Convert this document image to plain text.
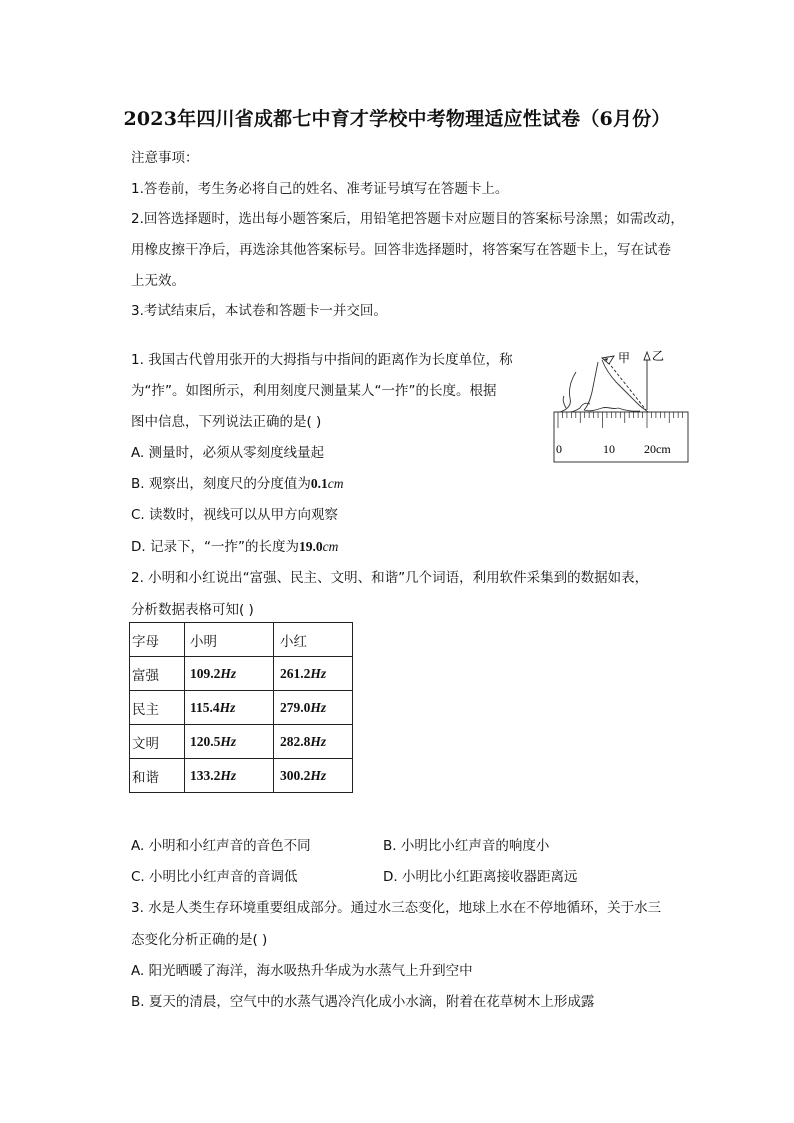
2023年四川省成都七中育才学校中考物理适应性试卷（6月份）
注意事项：
1.答卷前，考生务必将自己的姓名、准考证号填写在答题卡上。
2.回答选择题时，选出每小题答案后，用铅笔把答题卡对应题目的答案标号涂黑；如需改动，
用橡皮擦干净后，再选涂其他答案标号。回答非选择题时，将答案写在答题卡上，写在试卷
上无效。
3.考试结束后，本试卷和答题卡一并交回。
1. 我国古代曾用张开的大拇指与中指间的距离作为长度单位，称
为“拃”。如图所示，利用刻度尺测量某人“一拃”的长度。根据
图中信息，下列说法正确的是( )
A. 测量时，必须从零刻度线量起
B. 观察出，刻度尺的分度值为0.1cm
C. 读数时，视线可以从甲方向观察
D. 记录下，“一拃”的长度为19.0cm
甲 乙
0	10 20cm
2. 小明和小红说出“富强、民主、文明、和谐”几个词语，利用软件采集到的数据如表，
分析数据表格可知( )
字母	小明	小红
富强	109.2Hz	261.2Hz
民主	115.4Hz	279.0Hz
文明	120.5Hz	282.8Hz
和谐	133.2Hz	300.2Hz
A. 小明和小红声音的音色不同	B. 小明比小红声音的响度小
C. 小明比小红声音的音调低	D. 小明比小红距离接收器距离远
3. 水是人类生存环境重要组成部分。通过水三态变化，地球上水在不停地循环，关于水三
态变化分析正确的是( )
A. 阳光晒暖了海洋，海水吸热升华成为水蒸气上升到空中
B. 夏天的清晨，空气中的水蒸气遇冷汽化成小水滴，附着在花草树木上形成露
